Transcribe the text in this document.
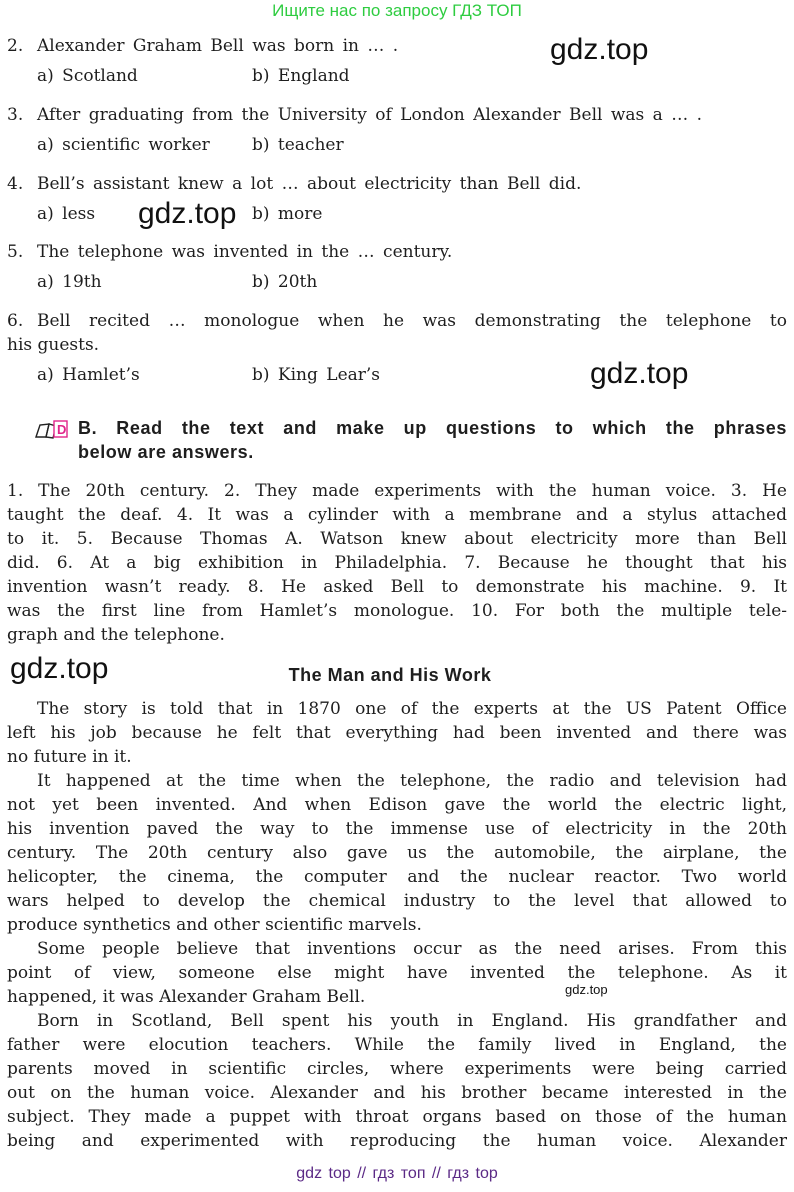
Ищите нас по запросу ГДЗ ТОП
2. Alexander Graham Bell was born in … .
a) Scotland	b) England
3. After graduating from the University of London Alexander Bell was a … .
a) scientific worker b) teacher
4. Bell’s assistant knew a lot … about electricity than Bell did.
a) less	b) more
5. The telephone was invented in the … century.
a) 19th	b) 20th
6. Bell recited … monologue when he was demonstrating the telephone to
his guests.
a) Hamlet’s	b) King Lear’s
D B. Read the text and make up questions to which the phrases
below are answers.
1. The 20th century. 2. They made experiments with the human voice. 3. He
taught the deaf. 4. It was a cylinder with a membrane and a stylus attached
to it. 5. Because Thomas A. Watson knew about electricity more than Bell
did. 6. At a big exhibition in Philadelphia. 7. Because he thought that his
invention wasn’t ready. 8. He asked Bell to demonstrate his machine. 9. It
was the first line from Hamlet’s monologue. 10. For both the multiple tele-
graph and the telephone.
The Man and His Work
The story is told that in 1870 one of the experts at the US Patent Office
left his job because he felt that everything had been invented and there was
no future in it.
It happened at the time when the telephone, the radio and television had
not yet been invented. And when Edison gave the world the electric light,
his invention paved the way to the immense use of electricity in the 20th
century. The 20th century also gave us the automobile, the airplane, the
helicopter, the cinema, the computer and the nuclear reactor. Two world
wars helped to develop the chemical industry to the level that allowed to
produce synthetics and other scientific marvels.
Some people believe that inventions occur as the need arises. From this
point of view, someone else might have invented the telephone. As it
happened, it was Alexander Graham Bell.
Born in Scotland, Bell spent his youth in England. His grandfather and
father were elocution teachers. While the family lived in England, the
parents moved in scientific circles, where experiments were being carried
out on the human voice. Alexander and his brother became interested in the
subject. They made a puppet with throat organs based on those of the human
being and experimented with reproducing the human voice. Alexander
gdz.top
gdz.top
gdz.top
gdz.top
gdz.top
gdz top // гдз топ // гдз top
